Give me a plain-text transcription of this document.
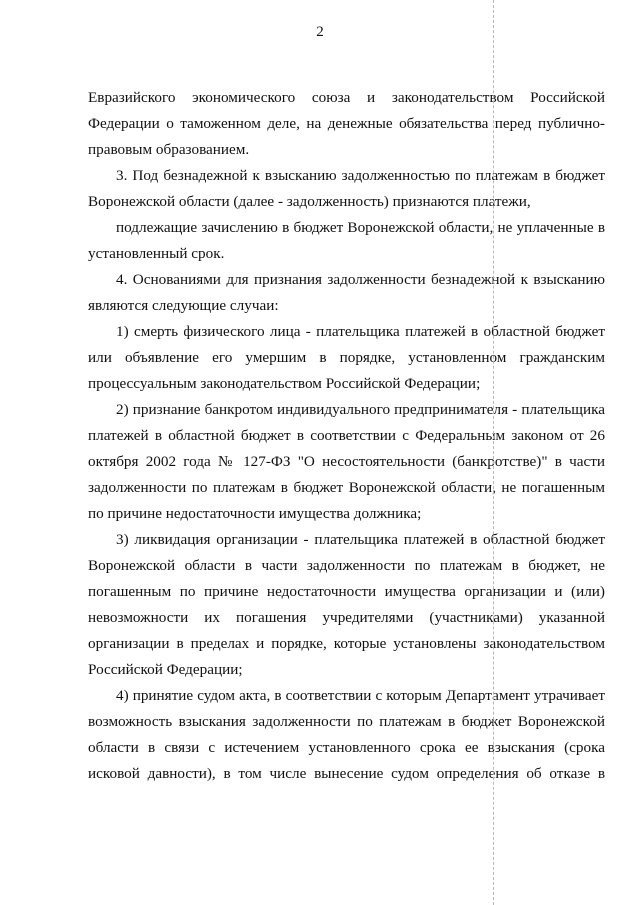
2

Евразийского экономического союза и законодательством Российской

Федерации о таможенном деле, на денежные обязательства перед публично-

правовым образованием.

3. Под безнадежной к взысканию задолженностью по платежам в бюджет

Воронежской области (далее - задолженность) признаются платежи,

подлежащие зачислению в бюджет Воронежской области, не уплаченные в

установленный срок.

4. Основаниями для признания задолженности безнадежной к взысканию

являются следующие случаи:

1) смерть физического лица - плательщика платежей в областной бюджет

или объявление его умершим в порядке, установленном гражданским

процессуальным законодательством Российской Федерации;

2) признание банкротом индивидуального предпринимателя - плательщика

платежей в областной бюджет в соответствии с Федеральным законом от 26

октября 2002 года № 127-ФЗ "О несостоятельности (банкротстве)" в части

задолженности по платежам в бюджет Воронежской области, не погашенным

по причине недостаточности имущества должника;

3) ликвидация организации - плательщика платежей в областной бюджет

Воронежской области в части задолженности по платежам в бюджет, не

погашенным по причине недостаточности имущества организации и (или)

невозможности их погашения учредителями (участниками) указанной

организации в пределах и порядке, которые установлены законодательством

Российской Федерации;

4) принятие судом акта, в соответствии с которым Департамент утрачивает

возможность взыскания задолженности по платежам в бюджет Воронежской

области в связи с истечением установленного срока ее взыскания (срока

исковой давности), в том числе вынесение судом определения об отказе в
